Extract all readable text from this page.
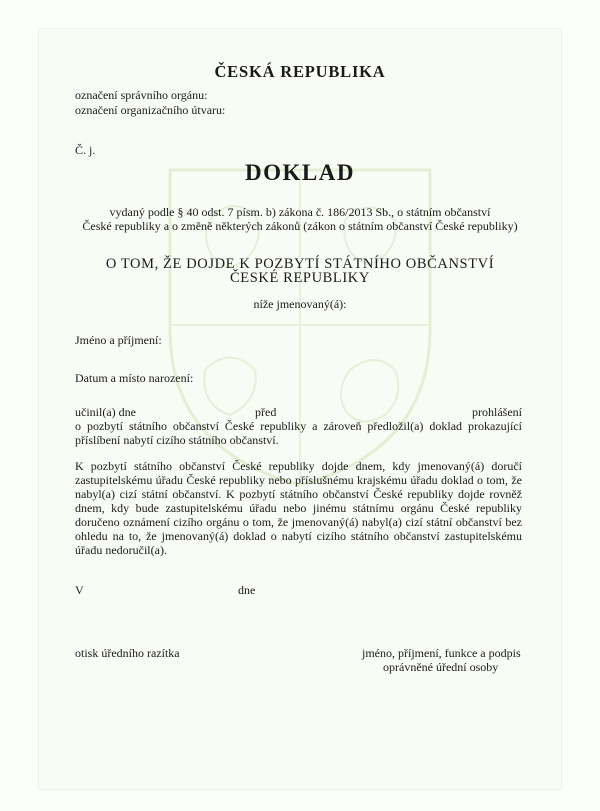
ČESKÁ REPUBLIKA
označení správního orgánu:
označení organizačního útvaru:
Č. j.
DOKLAD
vydaný podle § 40 odst. 7 písm. b) zákona č. 186/2013 Sb., o státním občanství
České republiky a o změně některých zákonů (zákon o státním občanství České republiky)
O TOM, ŽE DOJDE K POZBYTÍ STÁTNÍHO OBČANSTVÍ
ČESKÉ REPUBLIKY
níže jmenovaný(á):
Jméno a příjmení:
Datum a místo narození:
učinil(a) dne	před	prohlášení
o pozbytí státního občanství České republiky a zároveň předložil(a) doklad prokazující
příslíbení nabytí cizího státního občanství.
K pozbytí státního občanství České republiky dojde dnem, kdy jmenovaný(á) doručí zastupitelskému úřadu České republiky nebo příslušnému krajskému úřadu doklad o tom, že nabyl(a) cizí státní občanství. K pozbytí státního občanství České republiky dojde rovněž dnem, kdy bude zastupitelskému úřadu nebo jinému státnímu orgánu České republiky doručeno oznámení cizího orgánu o tom, že jmenovaný(á) nabyl(a) cizí státní občanství bez ohledu na to, že jmenovaný(á) doklad o nabytí cizího státního občanství zastupitelskému úřadu nedoručil(a).
V	dne
otisk úředního razítka	jméno, příjmení, funkce a podpis
oprávněné úřední osoby
